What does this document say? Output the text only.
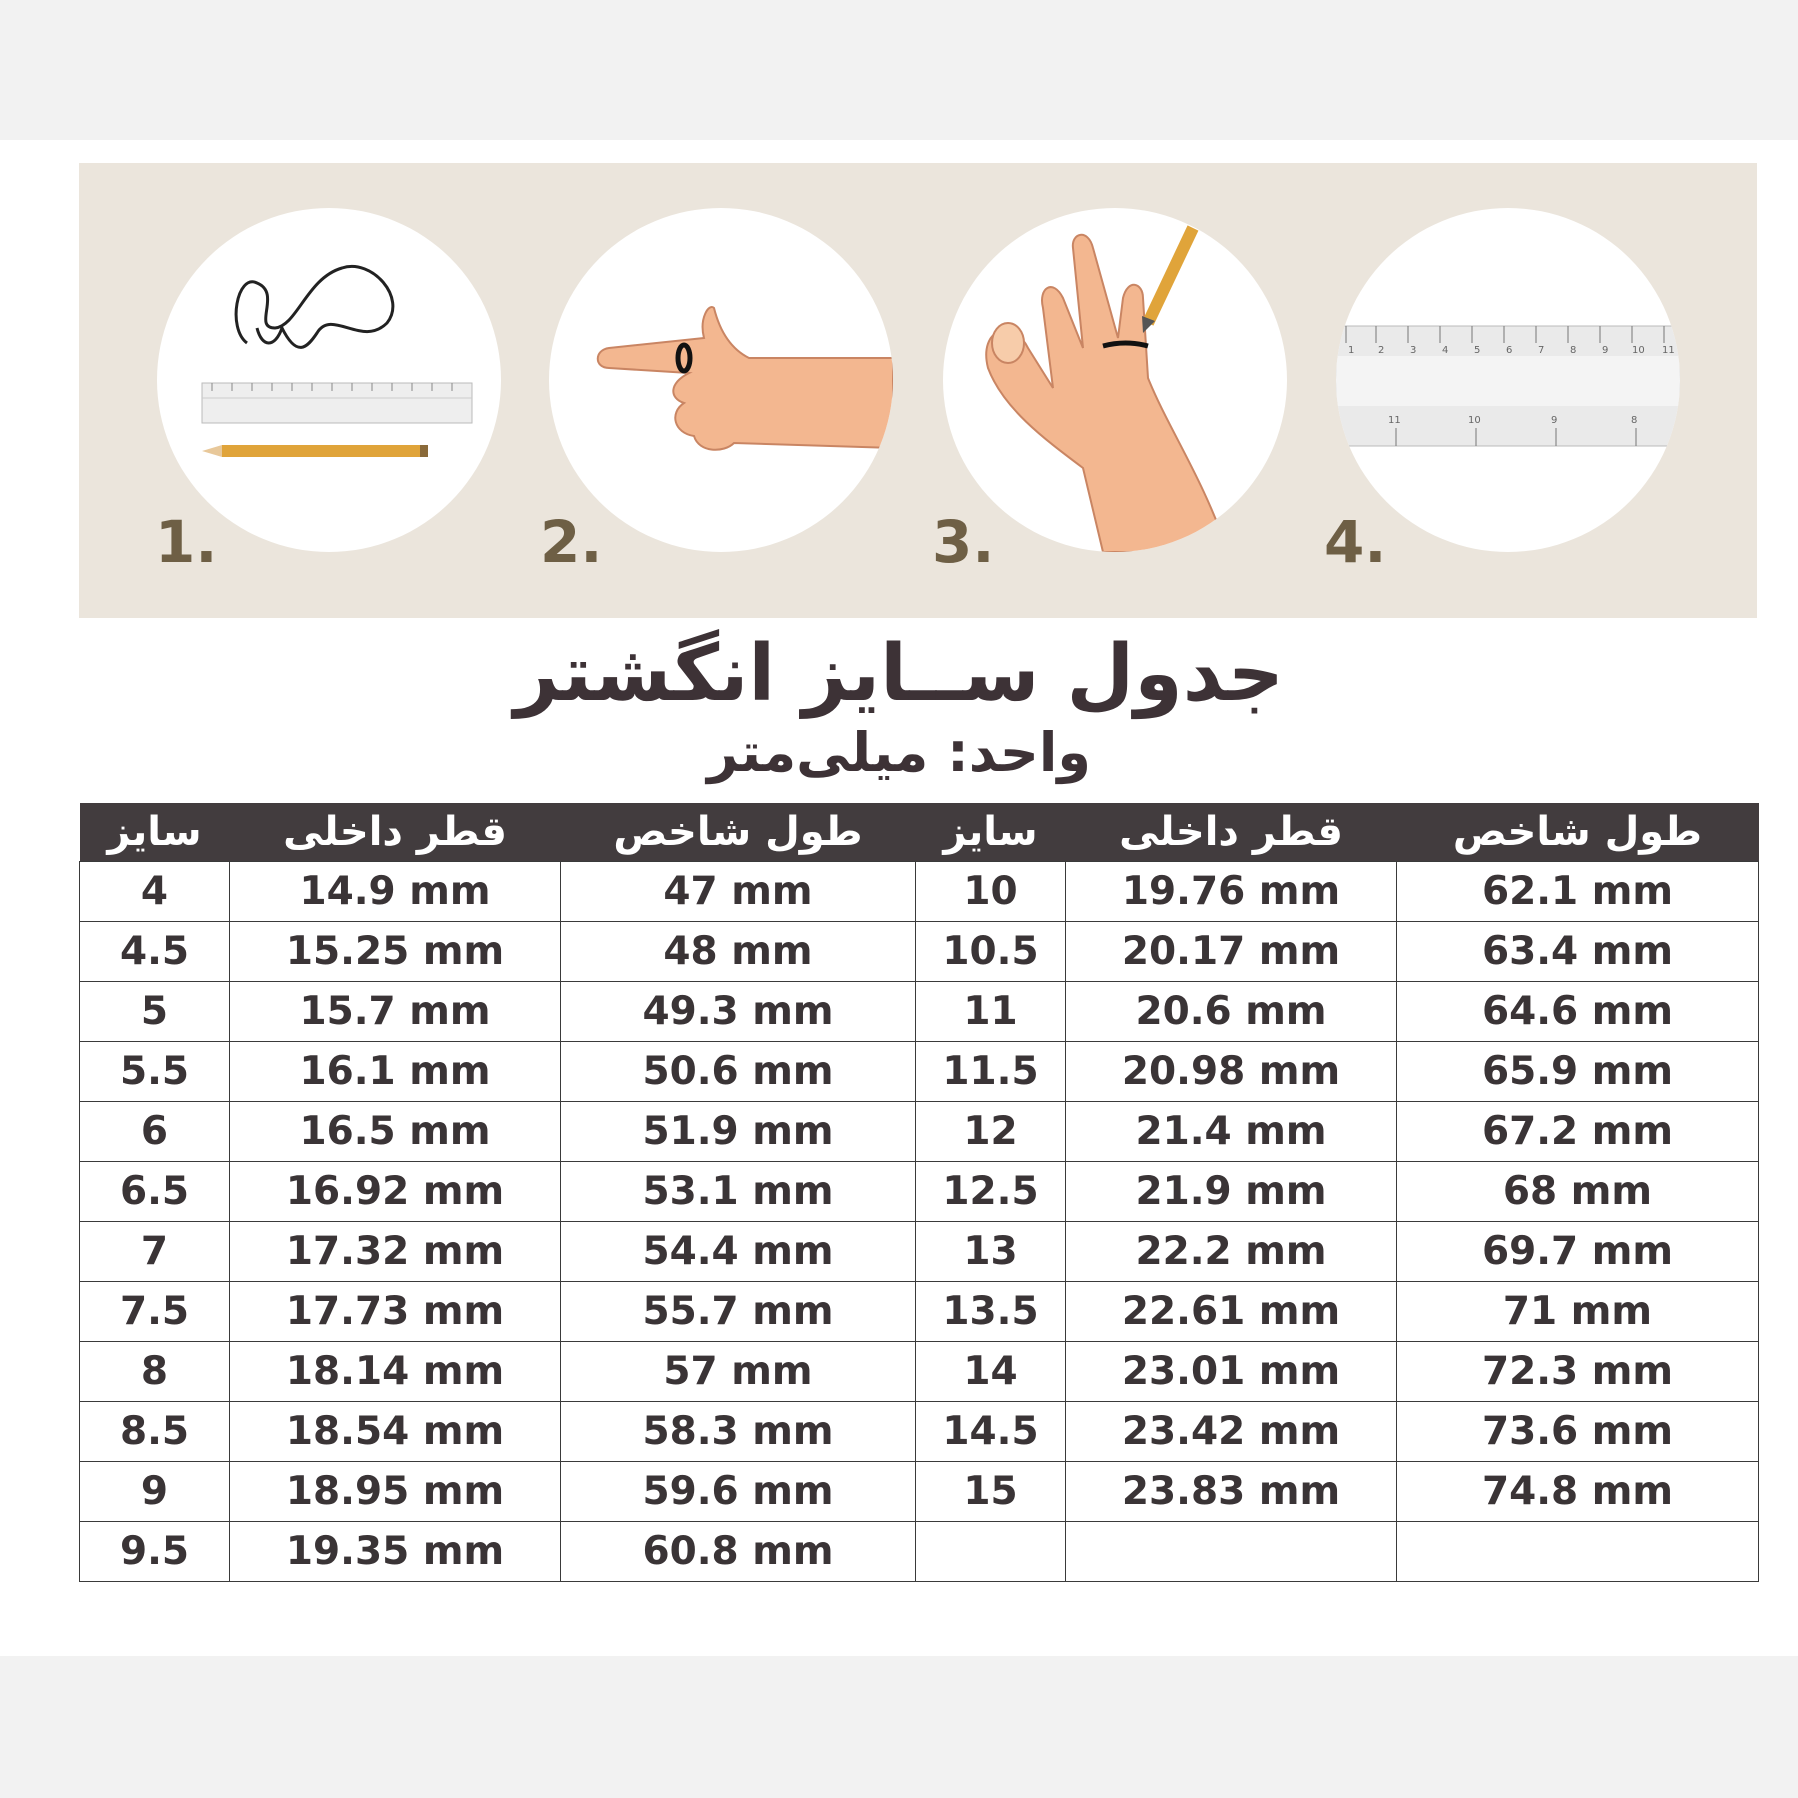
1 2	3	4	5	6	7	8	9 10 11
11	10	9	8
1.	2.	3.	4.
جدول ســایز انگشتر
واحد: میلی‌متر
سایز	قطر داخلی	طول شاخص	سایز	قطر داخلی	طول شاخص
4	14.9 mm	47 mm	10	19.76 mm	62.1 mm
4.5	15.25 mm	48 mm	10.5	20.17 mm	63.4 mm
5	15.7 mm	49.3 mm	11	20.6 mm	64.6 mm
5.5	16.1 mm	50.6 mm	11.5	20.98 mm	65.9 mm
6	16.5 mm	51.9 mm	12	21.4 mm	67.2 mm
6.5	16.92 mm	53.1 mm	12.5	21.9 mm	68 mm
7	17.32 mm	54.4 mm	13	22.2 mm	69.7 mm
7.5	17.73 mm	55.7 mm	13.5	22.61 mm	71 mm
8	18.14 mm	57 mm	14	23.01 mm	72.3 mm
8.5	18.54 mm	58.3 mm	14.5	23.42 mm	73.6 mm
9	18.95 mm	59.6 mm	15	23.83 mm	74.8 mm
9.5	19.35 mm	60.8 mm			
